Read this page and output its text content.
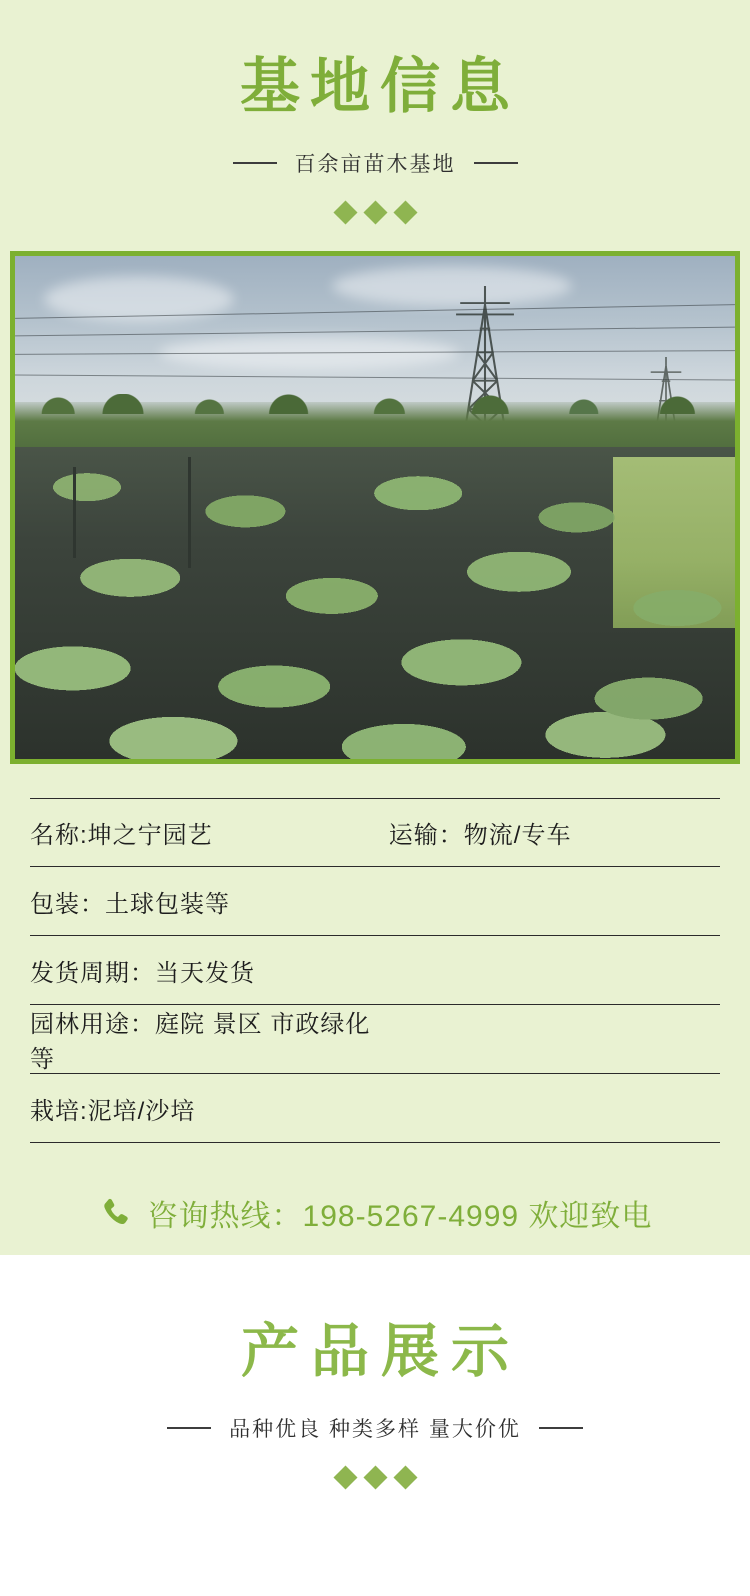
基地信息
百余亩苗木基地
名称:坤之宁园艺	运输：物流/专车
包装：土球包装等
发货周期：当天发货
园林用途：庭院 景区 市政绿化等
栽培:泥培/沙培
咨询热线：198-5267-4999 欢迎致电
产品展示
品种优良 种类多样 量大价优
